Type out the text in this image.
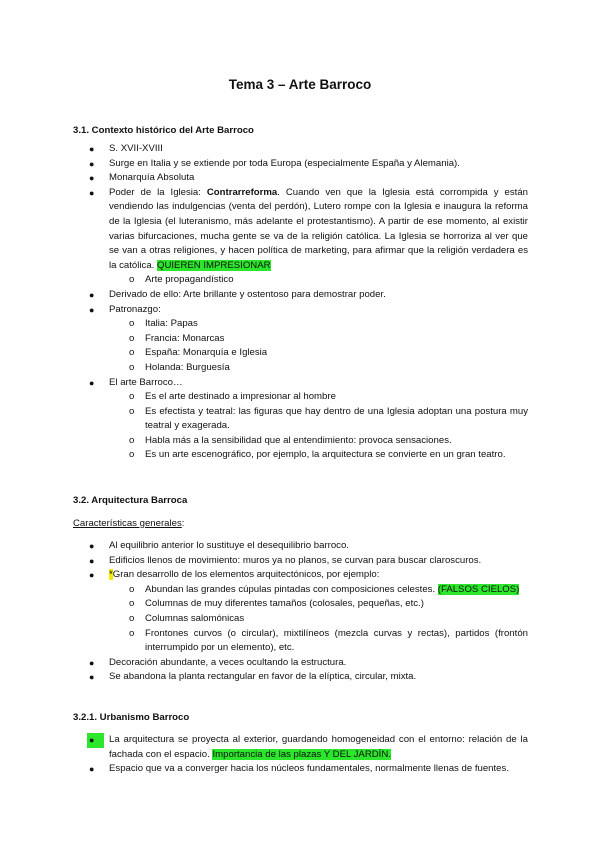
Tema 3 – Arte Barroco
3.1. Contexto histórico del Arte Barroco
● S. XVII-XVIII
● Surge en Italia y se extiende por toda Europa (especialmente España y Alemania).
● Monarquía Absoluta
● Poder de la Iglesia: Contrarreforma. Cuando ven que la Iglesia está corrompida y están vendiendo las indulgencias (venta del perdón), Lutero rompe con la Iglesia e inaugura la reforma de la Iglesia (el luteranismo, más adelante el protestantismo). A partir de ese momento, al existir varias bifurcaciones, mucha gente se va de la religión católica. La Iglesia se horroriza al ver que se van a otras religiones, y hacen política de marketing, para afirmar que la religión verdadera es la católica. QUIEREN IMPRESIONAR
o Arte propagandístico
● Derivado de ello: Arte brillante y ostentoso para demostrar poder.
● Patronazgo:
o Italia: Papas
o Francia: Monarcas
o España: Monarquía e Iglesia
o Holanda: Burguesía
● El arte Barroco…
o Es el arte destinado a impresionar al hombre
o Es efectista y teatral: las figuras que hay dentro de una Iglesia adoptan una postura muy teatral y exagerada.
o Habla más a la sensibilidad que al entendimiento: provoca sensaciones.
o Es un arte escenográfico, por ejemplo, la arquitectura se convierte en un gran teatro.
3.2. Arquitectura Barroca
Características generales:
● Al equilibrio anterior lo sustituye el desequilibrio barroco.
● Edificios llenos de movimiento: muros ya no planos, se curvan para buscar claroscuros.
● *Gran desarrollo de los elementos arquitectónicos, por ejemplo:
o Abundan las grandes cúpulas pintadas con composiciones celestes. (FALSOS CIELOS)
o Columnas de muy diferentes tamaños (colosales, pequeñas, etc.)
o Columnas salomónicas
o Frontones curvos (o circular), mixtilíneos (mezcla curvas y rectas), partidos (frontón interrumpido por un elemento), etc.
● Decoración abundante, a veces ocultando la estructura.
● Se abandona la planta rectangular en favor de la elíptica, circular, mixta.
3.2.1. Urbanismo Barroco
●	La arquitectura se proyecta al exterior, guardando homogeneidad con el entorno: relación de la fachada con el espacio. Importancia de las plazas Y DEL JARDÍN.
● Espacio que va a converger hacia los núcleos fundamentales, normalmente llenas de fuentes.
